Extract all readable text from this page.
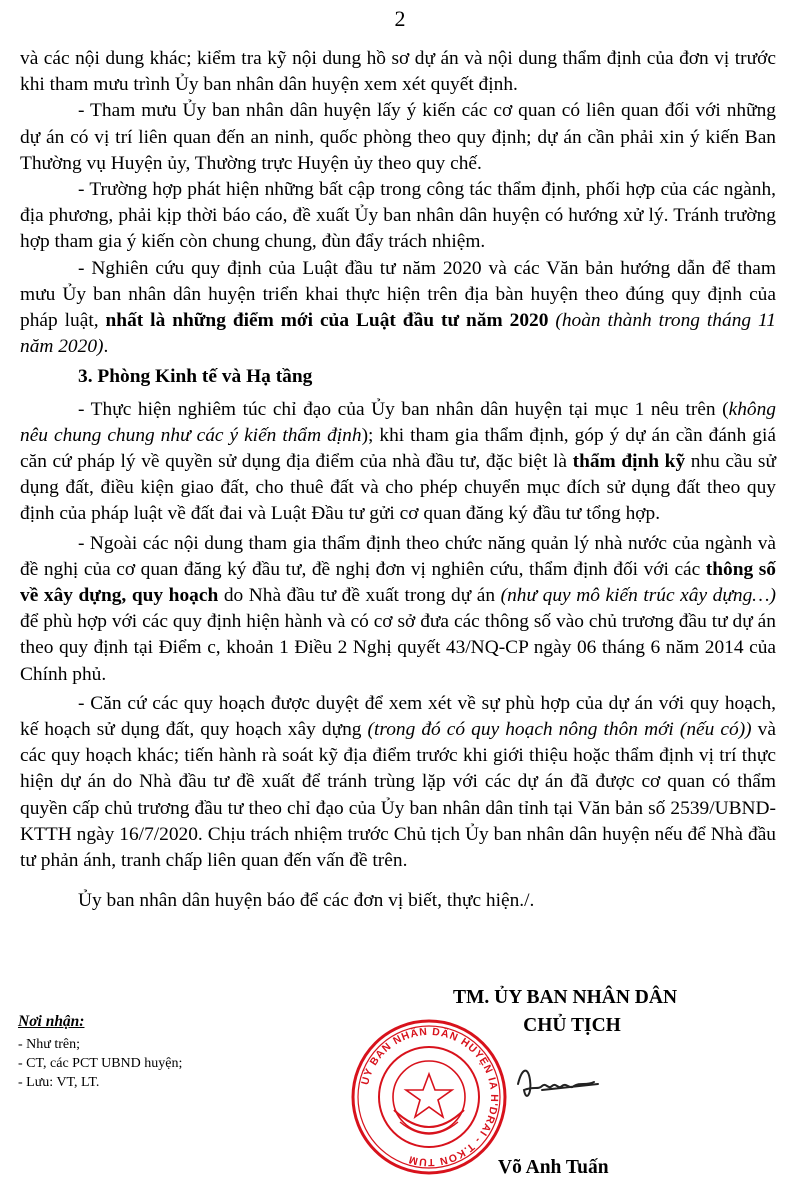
2

và các nội dung khác; kiểm tra kỹ nội dung hồ sơ dự án và nội dung thẩm định của đơn vị trước khi tham mưu trình Ủy ban nhân dân huyện xem xét quyết định.

- Tham mưu Ủy ban nhân dân huyện lấy ý kiến các cơ quan có liên quan đối với những dự án có vị trí liên quan đến an ninh, quốc phòng theo quy định; dự án cần phải xin ý kiến Ban Thường vụ Huyện ủy, Thường trực Huyện ủy theo quy chế.

- Trường hợp phát hiện những bất cập trong công tác thẩm định, phối hợp của các ngành, địa phương, phải kịp thời báo cáo, đề xuất Ủy ban nhân dân huyện có hướng xử lý. Tránh trường hợp tham gia ý kiến còn chung chung, đùn đẩy trách nhiệm.

- Nghiên cứu quy định của Luật đầu tư năm 2020 và các Văn bản hướng dẫn để tham mưu Ủy ban nhân dân huyện triển khai thực hiện trên địa bàn huyện theo đúng quy định của pháp luật, nhất là những điểm mới của Luật đầu tư năm 2020 (hoàn thành trong tháng 11 năm 2020).

3. Phòng Kinh tế và Hạ tầng

- Thực hiện nghiêm túc chỉ đạo của Ủy ban nhân dân huyện tại mục 1 nêu trên (không nêu chung chung như các ý kiến thẩm định); khi tham gia thẩm định, góp ý dự án cần đánh giá căn cứ pháp lý về quyền sử dụng địa điểm của nhà đầu tư, đặc biệt là thẩm định kỹ nhu cầu sử dụng đất, điều kiện giao đất, cho thuê đất và cho phép chuyển mục đích sử dụng đất theo quy định của pháp luật về đất đai và Luật Đầu tư gửi cơ quan đăng ký đầu tư tổng hợp.

- Ngoài các nội dung tham gia thẩm định theo chức năng quản lý nhà nước của ngành và đề nghị của cơ quan đăng ký đầu tư, đề nghị đơn vị nghiên cứu, thẩm định đối với các thông số về xây dựng, quy hoạch do Nhà đầu tư đề xuất trong dự án (như quy mô kiến trúc xây dựng…) để phù hợp với các quy định hiện hành và có cơ sở đưa các thông số vào chủ trương đầu tư dự án theo quy định tại Điểm c, khoản 1 Điều 2 Nghị quyết 43/NQ-CP ngày 06 tháng 6 năm 2014 của Chính phủ.

- Căn cứ các quy hoạch được duyệt để xem xét về sự phù hợp của dự án với quy hoạch, kế hoạch sử dụng đất, quy hoạch xây dựng (trong đó có quy hoạch nông thôn mới (nếu có)) và các quy hoạch khác; tiến hành rà soát kỹ địa điểm trước khi giới thiệu hoặc thẩm định vị trí thực hiện dự án do Nhà đầu tư đề xuất để tránh trùng lặp với các dự án đã được cơ quan có thẩm quyền cấp chủ trương đầu tư theo chỉ đạo của Ủy ban nhân dân tỉnh tại Văn bản số 2539/UBND-KTTH ngày 16/7/2020. Chịu trách nhiệm trước Chủ tịch Ủy ban nhân dân huyện nếu để Nhà đầu tư phản ánh, tranh chấp liên quan đến vấn đề trên.

Ủy ban nhân dân huyện báo để các đơn vị biết, thực hiện./.

Nơi nhận:
- Như trên;
- CT, các PCT UBND huyện;
- Lưu: VT, LT.
TM. ỦY BAN NHÂN DÂN
CHỦ TỊCH
UỶ BAN NHÂN DÂN HUYỆN IA H'DRAI - T.KON TUM	Võ Anh Tuấn
